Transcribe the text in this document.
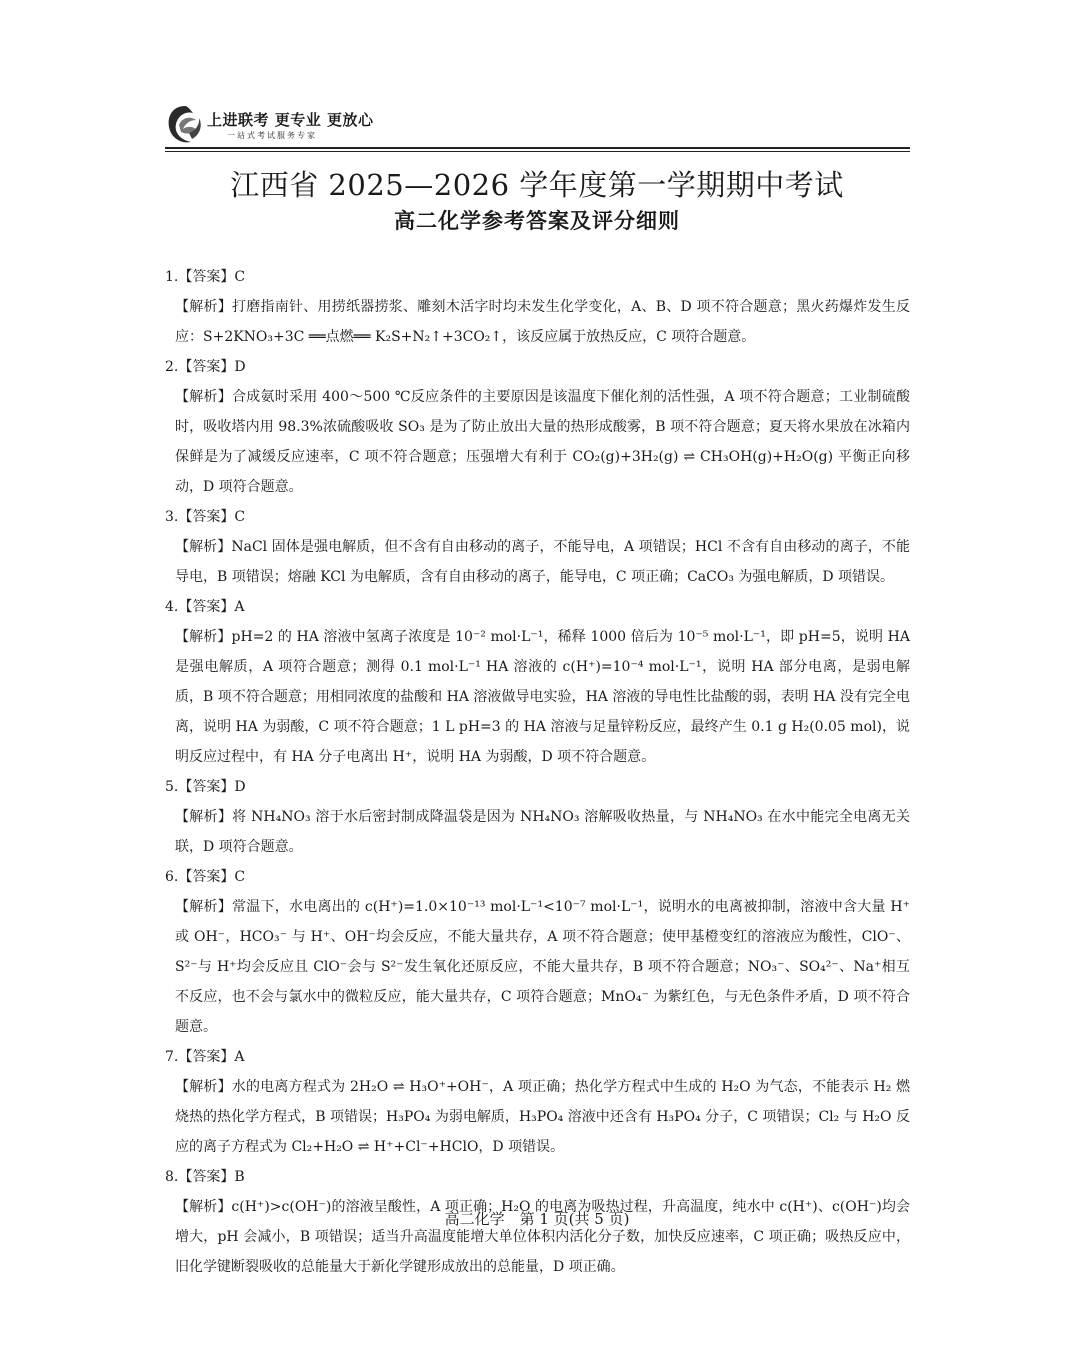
上进联考 更专业 更放心
一站式考试服务专家
江西省 2025—2026 学年度第一学期期中考试
高二化学参考答案及评分细则
1.【答案】C
【解析】打磨指南针、用捞纸器捞浆、雕刻木活字时均未发生化学变化，A、B、D 项不符合题意；黑火药爆炸发生反应：S+2KNO₃+3C ══点燃══ K₂S+N₂↑+3CO₂↑，该反应属于放热反应，C 项符合题意。
2.【答案】D
【解析】合成氨时采用 400～500 ℃反应条件的主要原因是该温度下催化剂的活性强，A 项不符合题意；工业制硫酸时，吸收塔内用 98.3%浓硫酸吸收 SO₃ 是为了防止放出大量的热形成酸雾，B 项不符合题意；夏天将水果放在冰箱内保鲜是为了减缓反应速率，C 项不符合题意；压强增大有利于 CO₂(g)+3H₂(g) ⇌ CH₃OH(g)+H₂O(g) 平衡正向移动，D 项符合题意。
3.【答案】C
【解析】NaCl 固体是强电解质，但不含有自由移动的离子，不能导电，A 项错误；HCl 不含有自由移动的离子，不能导电，B 项错误；熔融 KCl 为电解质，含有自由移动的离子，能导电，C 项正确；CaCO₃ 为强电解质，D 项错误。
4.【答案】A
【解析】pH=2 的 HA 溶液中氢离子浓度是 10⁻² mol·L⁻¹，稀释 1000 倍后为 10⁻⁵ mol·L⁻¹，即 pH=5，说明 HA 是强电解质，A 项符合题意；测得 0.1 mol·L⁻¹ HA 溶液的 c(H⁺)=10⁻⁴ mol·L⁻¹，说明 HA 部分电离，是弱电解质，B 项不符合题意；用相同浓度的盐酸和 HA 溶液做导电实验，HA 溶液的导电性比盐酸的弱，表明 HA 没有完全电离，说明 HA 为弱酸，C 项不符合题意；1 L pH=3 的 HA 溶液与足量锌粉反应，最终产生 0.1 g H₂(0.05 mol)，说明反应过程中，有 HA 分子电离出 H⁺，说明 HA 为弱酸，D 项不符合题意。
5.【答案】D
【解析】将 NH₄NO₃ 溶于水后密封制成降温袋是因为 NH₄NO₃ 溶解吸收热量，与 NH₄NO₃ 在水中能完全电离无关联，D 项符合题意。
6.【答案】C
【解析】常温下，水电离出的 c(H⁺)=1.0×10⁻¹³ mol·L⁻¹<10⁻⁷ mol·L⁻¹，说明水的电离被抑制，溶液中含大量 H⁺ 或 OH⁻，HCO₃⁻ 与 H⁺、OH⁻均会反应，不能大量共存，A 项不符合题意；使甲基橙变红的溶液应为酸性，ClO⁻、S²⁻与 H⁺均会反应且 ClO⁻会与 S²⁻发生氧化还原反应，不能大量共存，B 项不符合题意；NO₃⁻、SO₄²⁻、Na⁺相互不反应，也不会与氯水中的微粒反应，能大量共存，C 项符合题意；MnO₄⁻ 为紫红色，与无色条件矛盾，D 项不符合题意。
7.【答案】A
【解析】水的电离方程式为 2H₂O ⇌ H₃O⁺+OH⁻，A 项正确；热化学方程式中生成的 H₂O 为气态，不能表示 H₂ 燃烧热的热化学方程式，B 项错误；H₃PO₄ 为弱电解质，H₃PO₄ 溶液中还含有 H₃PO₄ 分子，C 项错误；Cl₂ 与 H₂O 反应的离子方程式为 Cl₂+H₂O ⇌ H⁺+Cl⁻+HClO，D 项错误。
8.【答案】B
【解析】c(H⁺)>c(OH⁻)的溶液呈酸性，A 项正确；H₂O 的电离为吸热过程，升高温度，纯水中 c(H⁺)、c(OH⁻)均会增大，pH 会减小，B 项错误；适当升高温度能增大单位体积内活化分子数，加快反应速率，C 项正确；吸热反应中，旧化学键断裂吸收的总能量大于新化学键形成放出的总能量，D 项正确。
高二化学　第 1 页(共 5 页)
